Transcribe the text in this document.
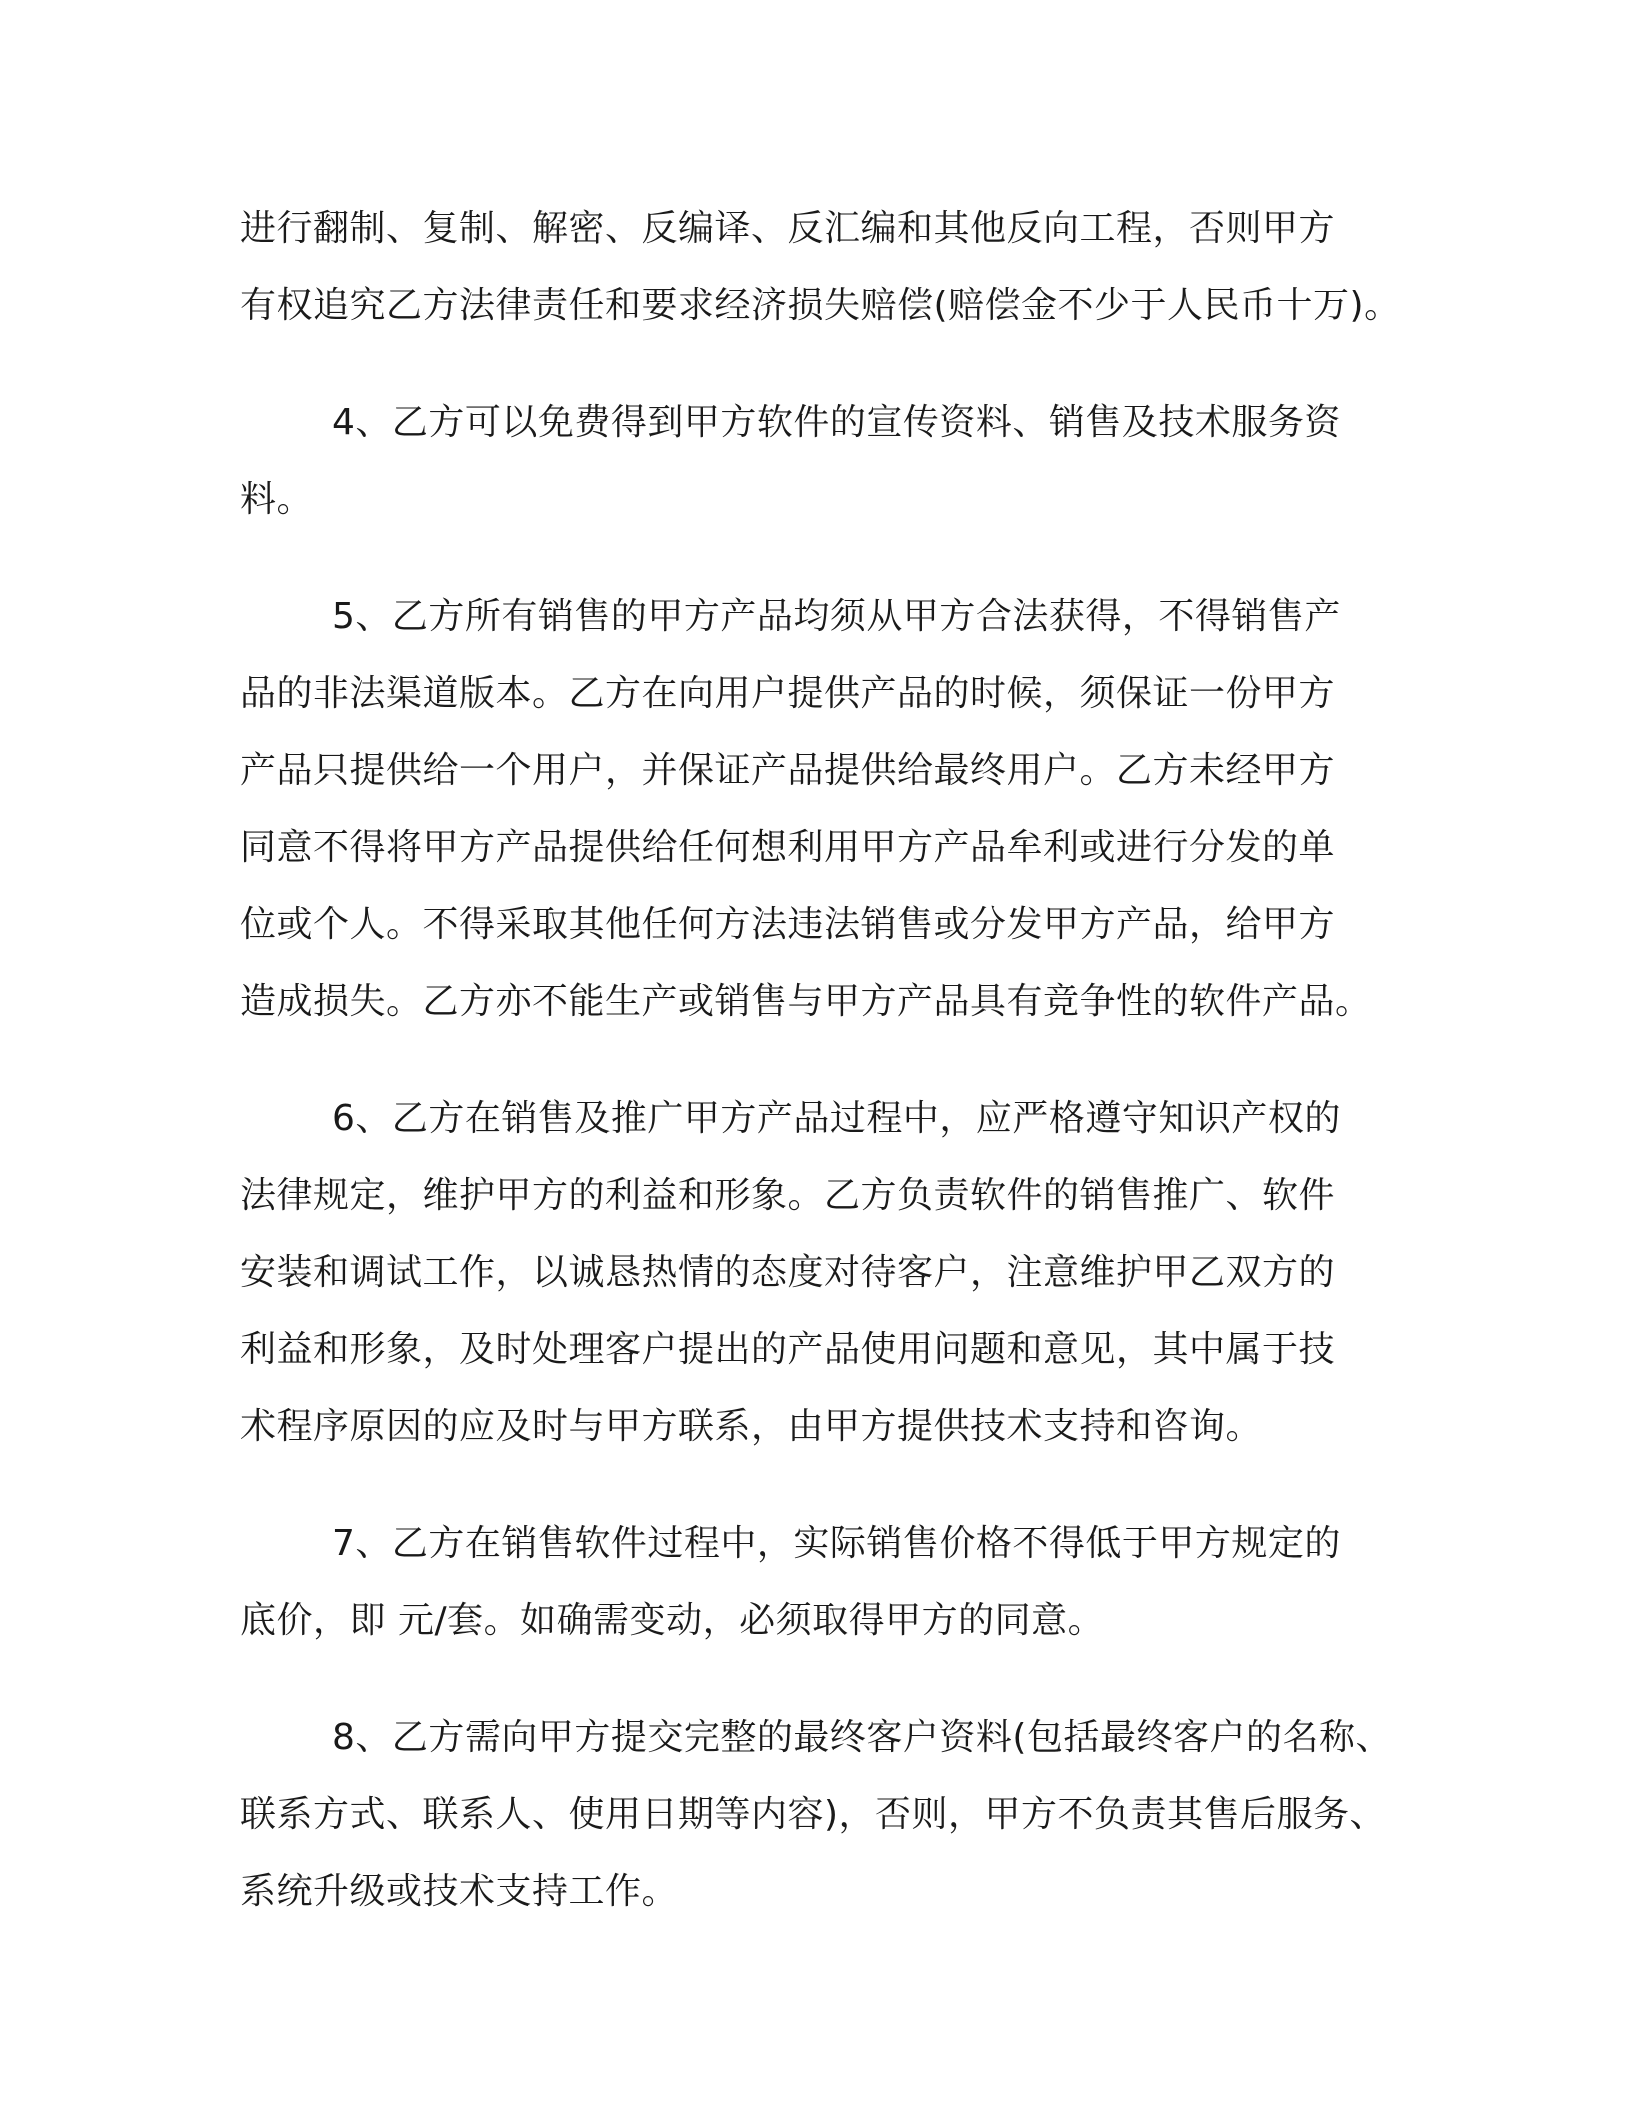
进行翻制、复制、解密、反编译、反汇编和其他反向工程，否则甲方
有权追究乙方法律责任和要求经济损失赔偿(赔偿金不少于人民币十万)。
4、乙方可以免费得到甲方软件的宣传资料、销售及技术服务资
料。
5、乙方所有销售的甲方产品均须从甲方合法获得，不得销售产
品的非法渠道版本。乙方在向用户提供产品的时候，须保证一份甲方
产品只提供给一个用户，并保证产品提供给最终用户。乙方未经甲方
同意不得将甲方产品提供给任何想利用甲方产品牟利或进行分发的单
位或个人。不得采取其他任何方法违法销售或分发甲方产品，给甲方
造成损失。乙方亦不能生产或销售与甲方产品具有竞争性的软件产品。
6、乙方在销售及推广甲方产品过程中，应严格遵守知识产权的
法律规定，维护甲方的利益和形象。乙方负责软件的销售推广、软件
安装和调试工作，以诚恳热情的态度对待客户，注意维护甲乙双方的
利益和形象，及时处理客户提出的产品使用问题和意见，其中属于技
术程序原因的应及时与甲方联系，由甲方提供技术支持和咨询。
7、乙方在销售软件过程中，实际销售价格不得低于甲方规定的
底价，即 元/套。如确需变动，必须取得甲方的同意。
8、乙方需向甲方提交完整的最终客户资料(包括最终客户的名称、
联系方式、联系人、使用日期等内容)，否则，甲方不负责其售后服务、
系统升级或技术支持工作。
